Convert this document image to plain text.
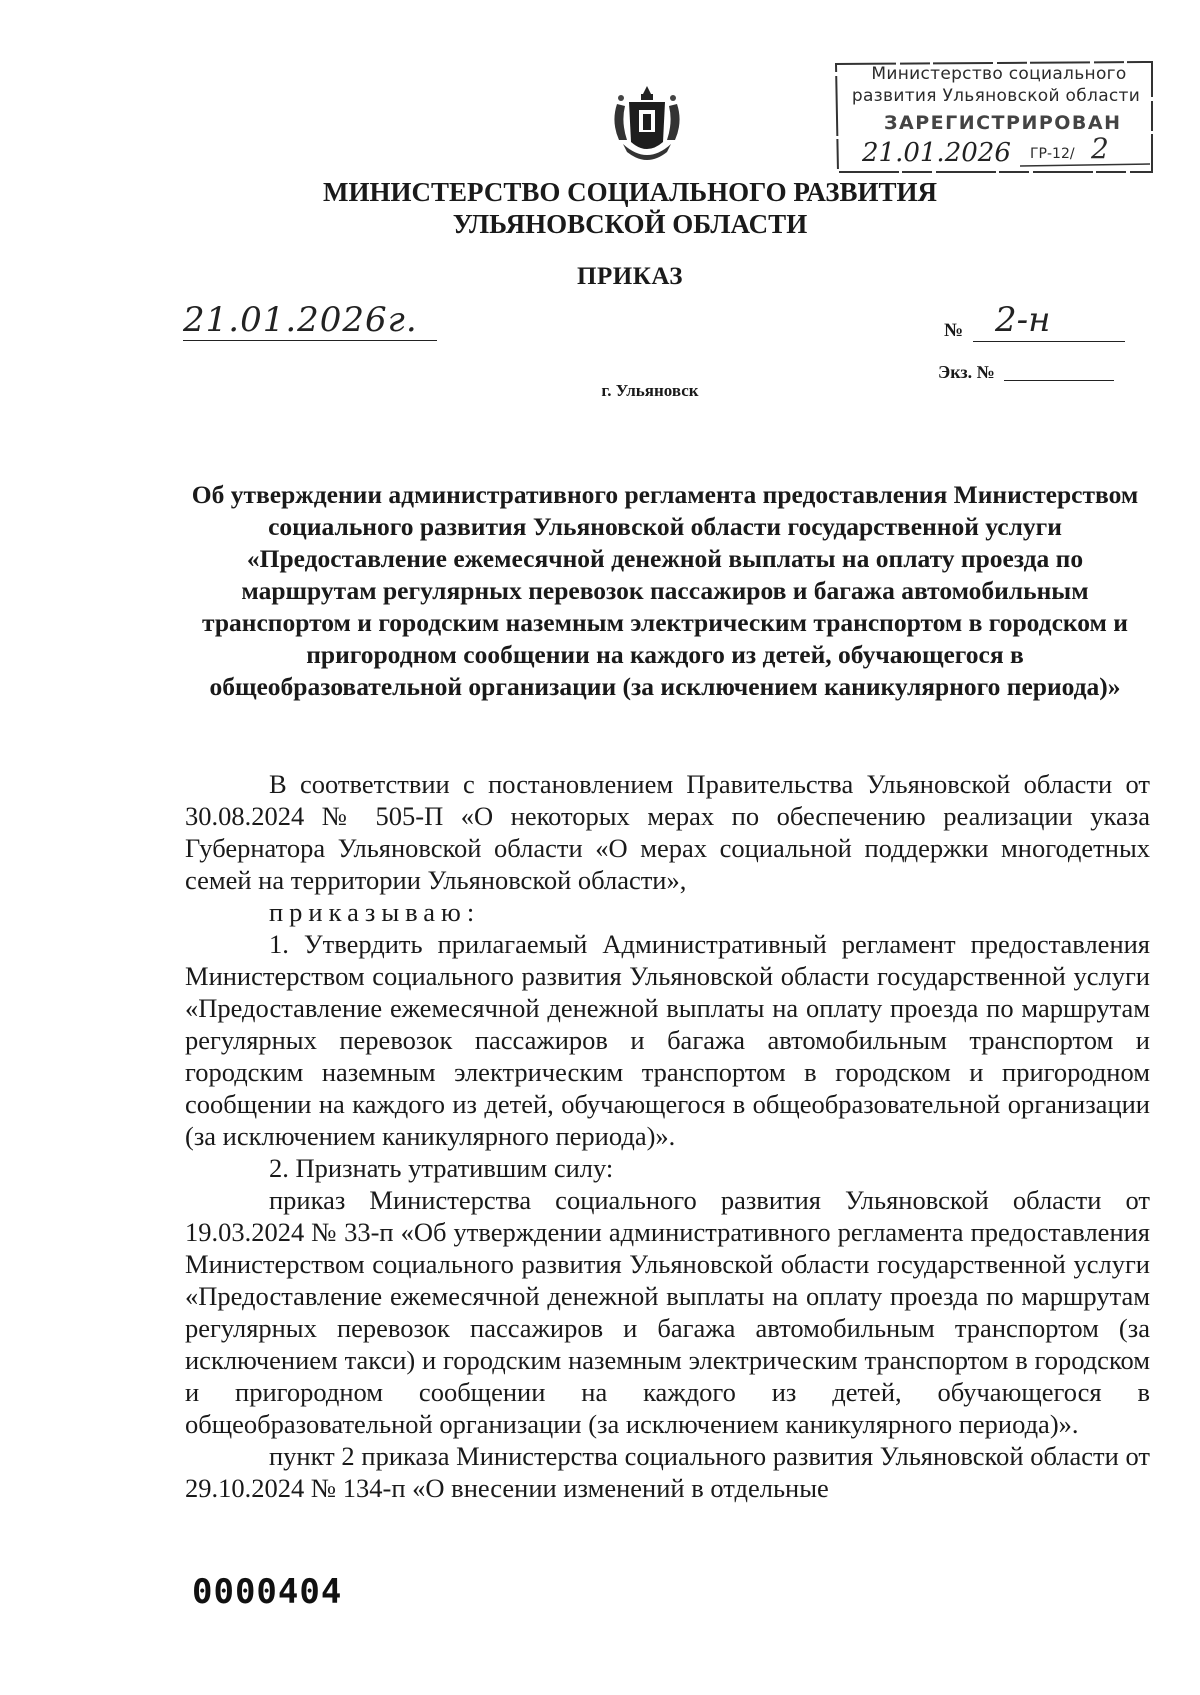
Министерство социального
развития Ульяновской области
ЗАРЕГИСТРИРОВАН
21.01.2026 ГР-12/ 2
МИНИСТЕРСТВО СОЦИАЛЬНОГО РАЗВИТИЯ
УЛЬЯНОВСКОЙ ОБЛАСТИ
ПРИКАЗ
21.01.2026г.	№ 2-н
Экз. №
г. Ульяновск
Об утверждении административного регламента предоставления Министерством социального развития Ульяновской области государственной услуги «Предоставление ежемесячной денежной выплаты на оплату проезда по маршрутам регулярных перевозок пассажиров и багажа автомобильным транспортом и городским наземным электрическим транспортом в городском и пригородном сообщении на каждого из детей, обучающегося в общеобразовательной организации (за исключением каникулярного периода)»

В соответствии с постановлением Правительства Ульяновской области от 30.08.2024 № 505-П «О некоторых мерах по обеспечению реализации указа Губернатора Ульяновской области «О мерах социальной поддержки многодетных семей на территории Ульяновской области»,

приказываю:

1. Утвердить прилагаемый Административный регламент предоставления Министерством социального развития Ульяновской области государственной услуги «Предоставление ежемесячной денежной выплаты на оплату проезда по маршрутам регулярных перевозок пассажиров и багажа автомобильным транспортом и городским наземным электрическим транспортом в городском и пригородном сообщении на каждого из детей, обучающегося в общеобразовательной организации (за исключением каникулярного периода)».

2. Признать утратившим силу:

приказ Министерства социального развития Ульяновской области от 19.03.2024 № 33-п «Об утверждении административного регламента предоставления Министерством социального развития Ульяновской области государственной услуги «Предоставление ежемесячной денежной выплаты на оплату проезда по маршрутам регулярных перевозок пассажиров и багажа автомобильным транспортом (за исключением такси) и городским наземным электрическим транспортом в городском и пригородном сообщении на каждого из детей, обучающегося в общеобразовательной организации (за исключением каникулярного периода)».

пункт 2 приказа Министерства социального развития Ульяновской области от 29.10.2024 № 134-п «О внесении изменений в отдельные

0000404
